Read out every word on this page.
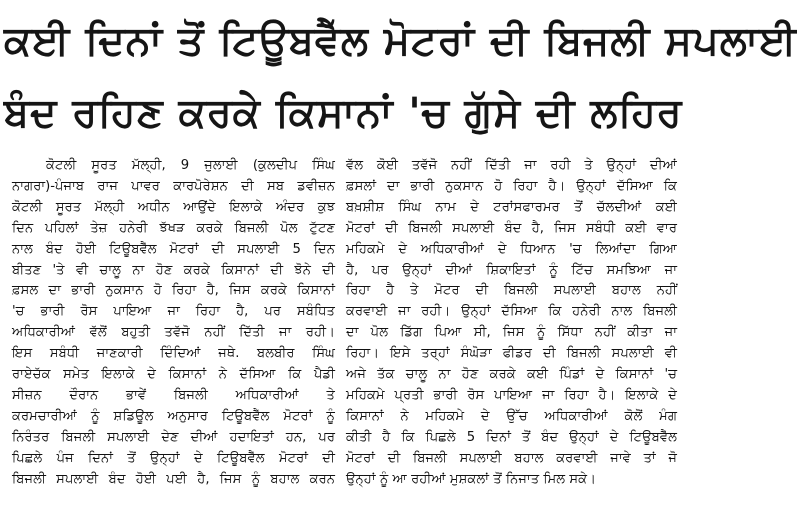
ਕਈ ਦਿਨਾਂ ਤੋਂ ਟਿਊਬਵੈੱਲ ਮੋਟਰਾਂ ਦੀ ਬਿਜਲੀ ਸਪਲਾਈ
ਬੰਦ ਰਹਿਣ ਕਰਕੇ ਕਿਸਾਨਾਂ 'ਚ ਗੁੱਸੇ ਦੀ ਲਹਿਰ
ਕੋਟਲੀ ਸੂਰਤ ਮੱਲ੍ਹੀ, 9 ਜੁਲਾਈ (ਕੁਲਦੀਪ ਸਿੰਘ
ਨਾਗਰਾ)-ਪੰਜਾਬ ਰਾਜ ਪਾਵਰ ਕਾਰਪੋਰੇਸ਼ਨ ਦੀ ਸਬ ਡਵੀਜ਼ਨ
ਕੋਟਲੀ ਸੂਰਤ ਮੱਲ੍ਹੀ ਅਧੀਨ ਆਉਂਦੇ ਇਲਾਕੇ ਅੰਦਰ ਕੁਝ
ਦਿਨ ਪਹਿਲਾਂ ਤੇਜ਼ ਹਨੇਰੀ ਝੱਖੜ ਕਰਕੇ ਬਿਜਲੀ ਪੋਲ ਟੁੱਟਣ
ਨਾਲ ਬੰਦ ਹੋਈ ਟਿਊਬਵੈੱਲ ਮੋਟਰਾਂ ਦੀ ਸਪਲਾਈ 5 ਦਿਨ
ਬੀਤਣ 'ਤੇ ਵੀ ਚਾਲੂ ਨਾ ਹੋਣ ਕਰਕੇ ਕਿਸਾਨਾਂ ਦੀ ਝੋਨੇ ਦੀ
ਫ਼ਸਲ ਦਾ ਭਾਰੀ ਨੁਕਸਾਨ ਹੋ ਰਿਹਾ ਹੈ, ਜਿਸ ਕਰਕੇ ਕਿਸਾਨਾਂ
'ਚ ਭਾਰੀ ਰੋਸ ਪਾਇਆ ਜਾ ਰਿਹਾ ਹੈ, ਪਰ ਸਬੰਧਿਤ
ਅਧਿਕਾਰੀਆਂ ਵੱਲੋਂ ਬਹੁਤੀ ਤਵੱਜੋ ਨਹੀਂ ਦਿੱਤੀ ਜਾ ਰਹੀ।
ਇਸ ਸਬੰਧੀ ਜਾਣਕਾਰੀ ਦਿੰਦਿਆਂ ਜਥੇ. ਬਲਬੀਰ ਸਿੰਘ
ਰਾਏਚੱਕ ਸਮੇਤ ਇਲਾਕੇ ਦੇ ਕਿਸਾਨਾਂ ਨੇ ਦੱਸਿਆ ਕਿ ਪੈਡੀ
ਸੀਜ਼ਨ ਦੌਰਾਨ ਭਾਵੇਂ ਬਿਜਲੀ ਅਧਿਕਾਰੀਆਂ ਤੇ
ਕਰਮਚਾਰੀਆਂ ਨੂੰ ਸ਼ਡਿਊਲ ਅਨੁਸਾਰ ਟਿਊਬਵੈੱਲ ਮੋਟਰਾਂ ਨੂੰ
ਨਿਰੰਤਰ ਬਿਜਲੀ ਸਪਲਾਈ ਦੇਣ ਦੀਆਂ ਹਦਾਇਤਾਂ ਹਨ, ਪਰ
ਪਿਛਲੇ ਪੰਜ ਦਿਨਾਂ ਤੋਂ ਉਨ੍ਹਾਂ ਦੇ ਟਿਊਬਵੈੱਲ ਮੋਟਰਾਂ ਦੀ
ਬਿਜਲੀ ਸਪਲਾਈ ਬੰਦ ਹੋਈ ਪਈ ਹੈ, ਜਿਸ ਨੂੰ ਬਹਾਲ ਕਰਨ
ਵੱਲ ਕੋਈ ਤਵੱਜੋ ਨਹੀਂ ਦਿੱਤੀ ਜਾ ਰਹੀ ਤੇ ਉਨ੍ਹਾਂ ਦੀਆਂ
ਫ਼ਸਲਾਂ ਦਾ ਭਾਰੀ ਨੁਕਸਾਨ ਹੋ ਰਿਹਾ ਹੈ। ਉਨ੍ਹਾਂ ਦੱਸਿਆ ਕਿ
ਬਖ਼ਸ਼ੀਸ਼ ਸਿੰਘ ਨਾਮ ਦੇ ਟਰਾਂਸਫਾਰਮਰ ਤੋਂ ਚੱਲਦੀਆਂ ਕਈ
ਮੋਟਰਾਂ ਦੀ ਬਿਜਲੀ ਸਪਲਾਈ ਬੰਦ ਹੈ, ਜਿਸ ਸਬੰਧੀ ਕਈ ਵਾਰ
ਮਹਿਕਮੇ ਦੇ ਅਧਿਕਾਰੀਆਂ ਦੇ ਧਿਆਨ 'ਚ ਲਿਆਂਦਾ ਗਿਆ
ਹੈ, ਪਰ ਉਨ੍ਹਾਂ ਦੀਆਂ ਸ਼ਿਕਾਇਤਾਂ ਨੂੰ ਟਿੱਚ ਸਮਝਿਆ ਜਾ
ਰਿਹਾ ਹੈ ਤੇ ਮੋਟਰ ਦੀ ਬਿਜਲੀ ਸਪਲਾਈ ਬਹਾਲ ਨਹੀਂ
ਕਰਵਾਈ ਜਾ ਰਹੀ। ਉਨ੍ਹਾਂ ਦੱਸਿਆ ਕਿ ਹਨੇਰੀ ਨਾਲ ਬਿਜਲੀ
ਦਾ ਪੋਲ ਡਿੱਗ ਪਿਆ ਸੀ, ਜਿਸ ਨੂੰ ਸਿੱਧਾ ਨਹੀਂ ਕੀਤਾ ਜਾ
ਰਿਹਾ। ਇਸੇ ਤਰ੍ਹਾਂ ਸੰਘੋੜਾ ਫੀਡਰ ਦੀ ਬਿਜਲੀ ਸਪਲਾਈ ਵੀ
ਅਜੇ ਤੱਕ ਚਾਲੂ ਨਾ ਹੋਣ ਕਰਕੇ ਕਈ ਪਿੰਡਾਂ ਦੇ ਕਿਸਾਨਾਂ 'ਚ
ਮਹਿਕਮੇ ਪ੍ਰਤੀ ਭਾਰੀ ਰੋਸ ਪਾਇਆ ਜਾ ਰਿਹਾ ਹੈ। ਇਲਾਕੇ ਦੇ
ਕਿਸਾਨਾਂ ਨੇ ਮਹਿਕਮੇ ਦੇ ਉੱਚ ਅਧਿਕਾਰੀਆਂ ਕੋਲੋਂ ਮੰਗ
ਕੀਤੀ ਹੈ ਕਿ ਪਿਛਲੇ 5 ਦਿਨਾਂ ਤੋਂ ਬੰਦ ਉਨ੍ਹਾਂ ਦੇ ਟਿਊਬਵੈੱਲ
ਮੋਟਰਾਂ ਦੀ ਬਿਜਲੀ ਸਪਲਾਈ ਬਹਾਲ ਕਰਵਾਈ ਜਾਵੇ ਤਾਂ ਜੋ
ਉਨ੍ਹਾਂ ਨੂੰ ਆ ਰਹੀਆਂ ਮੁਸ਼ਕਲਾਂ ਤੋਂ ਨਿਜਾਤ ਮਿਲ ਸਕੇ।
